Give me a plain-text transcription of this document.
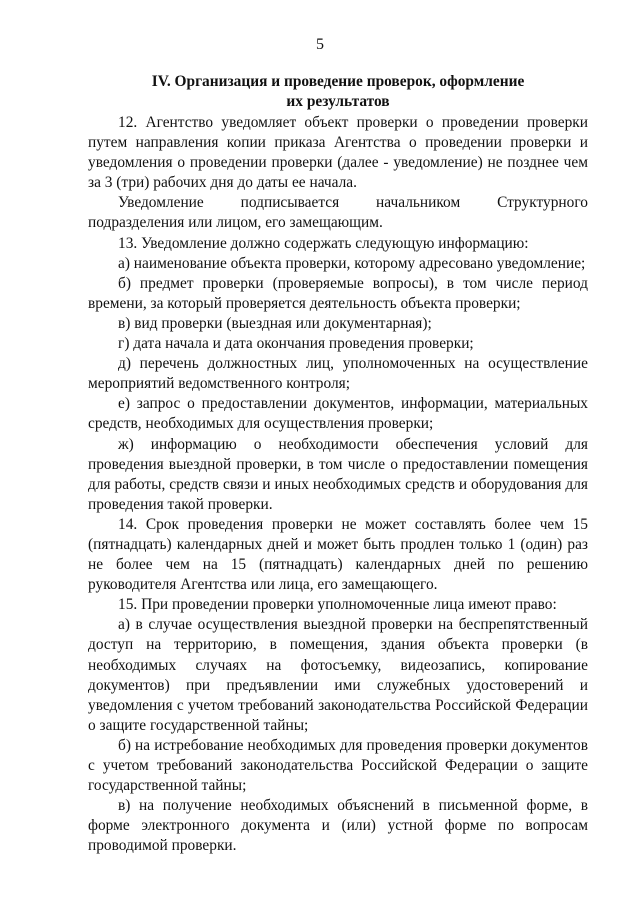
5
IV. Организация и проведение проверок, оформление
их результатов

12. Агентство уведомляет объект проверки о проведении проверки путем направления копии приказа Агентства о проведении проверки и уведомления о проведении проверки (далее - уведомление) не позднее чем за 3 (три) рабочих дня до даты ее начала.

Уведомление подписывается начальником Структурного подразделения или лицом, его замещающим.

13. Уведомление должно содержать следующую информацию:

а) наименование объекта проверки, которому адресовано уведомление;

б) предмет проверки (проверяемые вопросы), в том числе период времени, за который проверяется деятельность объекта проверки;

в) вид проверки (выездная или документарная);

г) дата начала и дата окончания проведения проверки;

д) перечень должностных лиц, уполномоченных на осуществление мероприятий ведомственного контроля;

е) запрос о предоставлении документов, информации, материальных средств, необходимых для осуществления проверки;

ж) информацию о необходимости обеспечения условий для проведения выездной проверки, в том числе о предоставлении помещения для работы, средств связи и иных необходимых средств и оборудования для проведения такой проверки.

14. Срок проведения проверки не может составлять более чем 15 (пятнадцать) календарных дней и может быть продлен только 1 (один) раз не более чем на 15 (пятнадцать) календарных дней по решению руководителя Агентства или лица, его замещающего.

15. При проведении проверки уполномоченные лица имеют право:

а) в случае осуществления выездной проверки на беспрепятственный доступ на территорию, в помещения, здания объекта проверки (в необходимых случаях на фотосъемку, видеозапись, копирование документов) при предъявлении ими служебных удостоверений и уведомления с учетом требований законодательства Российской Федерации о защите государственной тайны;

б) на истребование необходимых для проведения проверки документов с учетом требований законодательства Российской Федерации о защите государственной тайны;

в) на получение необходимых объяснений в письменной форме, в форме электронного документа и (или) устной форме по вопросам проводимой проверки.
